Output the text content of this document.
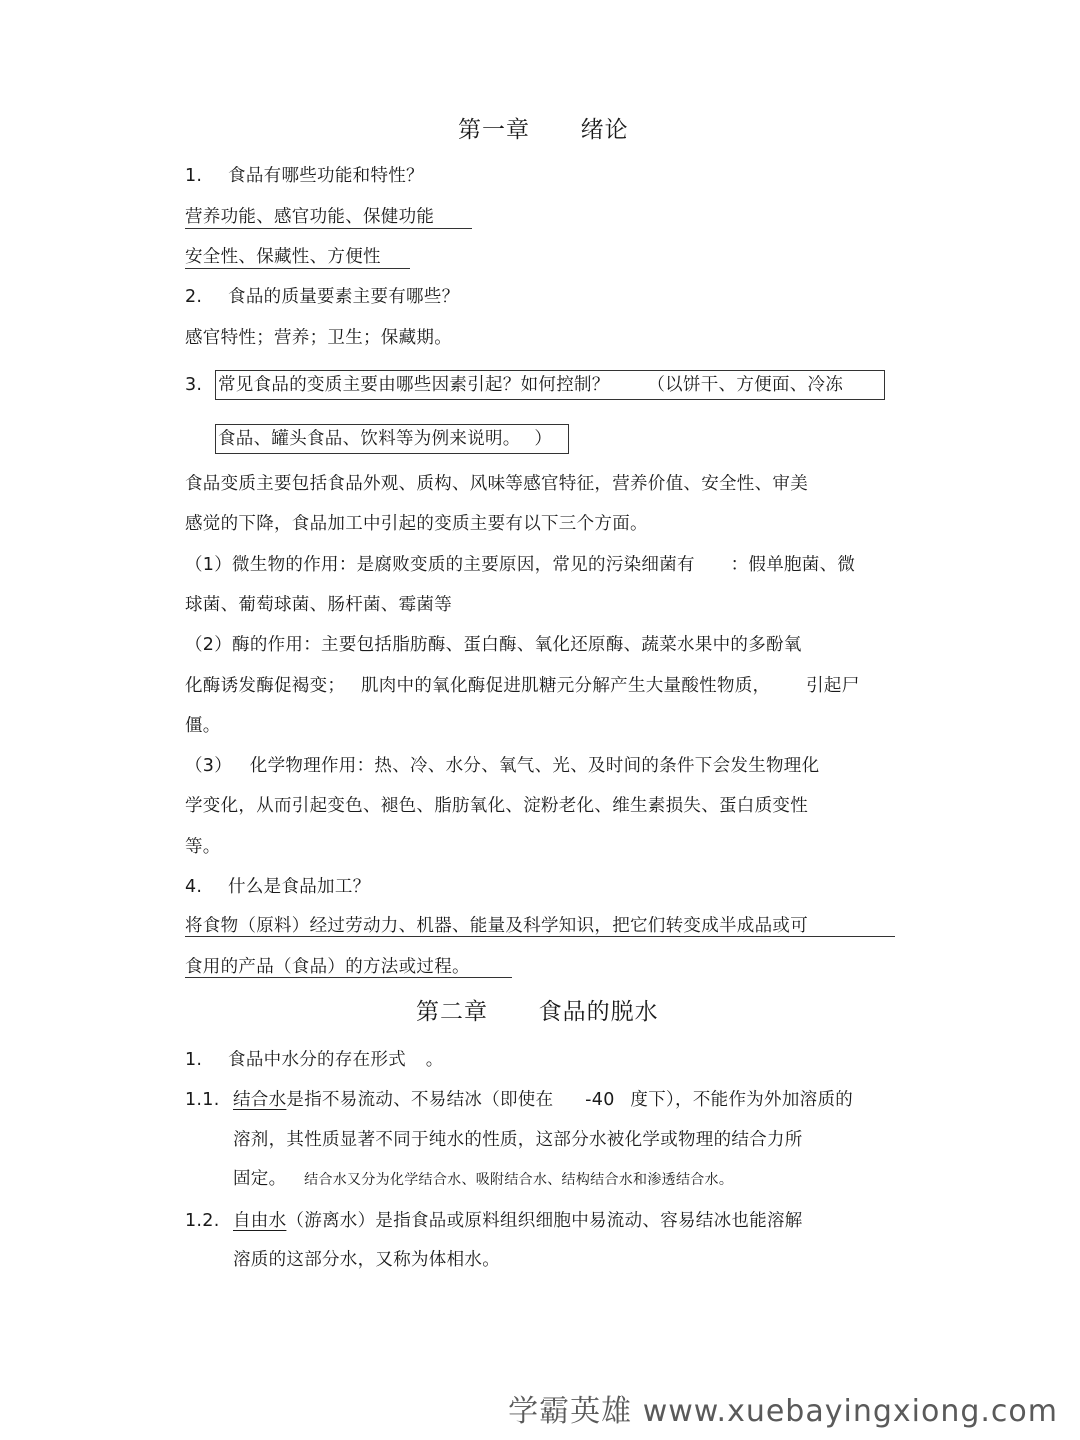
第一章 绪论
1. 食品有哪些功能和特性？
营养功能、感官功能、保健功能
安全性、保藏性、方便性
2. 食品的质量要素主要有哪些？
感官特性；营养；卫生；保藏期。
3. 常见食品的变质主要由哪些因素引起？如何控制？ （以饼干、方便面、冷冻
食品、罐头食品、饮料等为例来说明。 ）
食品变质主要包括食品外观、质构、风味等感官特征，营养价值、安全性、审美
感觉的下降，食品加工中引起的变质主要有以下三个方面。
（1）微生物的作用：是腐败变质的主要原因，常见的污染细菌有 ：假单胞菌、微
球菌、葡萄球菌、肠杆菌、霉菌等
（2）酶的作用：主要包括脂肪酶、蛋白酶、氧化还原酶、蔬菜水果中的多酚氧
化酶诱发酶促褐变； 肌肉中的氧化酶促进肌糖元分解产生大量酸性物质， 引起尸
僵。
（3） 化学物理作用：热、冷、水分、氧气、光、及时间的条件下会发生物理化
学变化，从而引起变色、褪色、脂肪氧化、淀粉老化、维生素损失、蛋白质变性
等。
4. 什么是食品加工？
将食物（原料）经过劳动力、机器、能量及科学知识，把它们转变成半成品或可
食用的产品（食品）的方法或过程。
第二章 食品的脱水
1. 食品中水分的存在形式 。
1.1. 结合水是指不易流动、不易结冰（即使在 -40 度下），不能作为外加溶质的
溶剂，其性质显著不同于纯水的性质，这部分水被化学或物理的结合力所
固定。 结合水又分为化学结合水、吸附结合水、结构结合水和渗透结合水。
1.2. 自由水（游离水）是指食品或原料组织细胞中易流动、容易结冰也能溶解
溶质的这部分水，又称为体相水。
学霸英雄 www.xuebayingxiong.com
